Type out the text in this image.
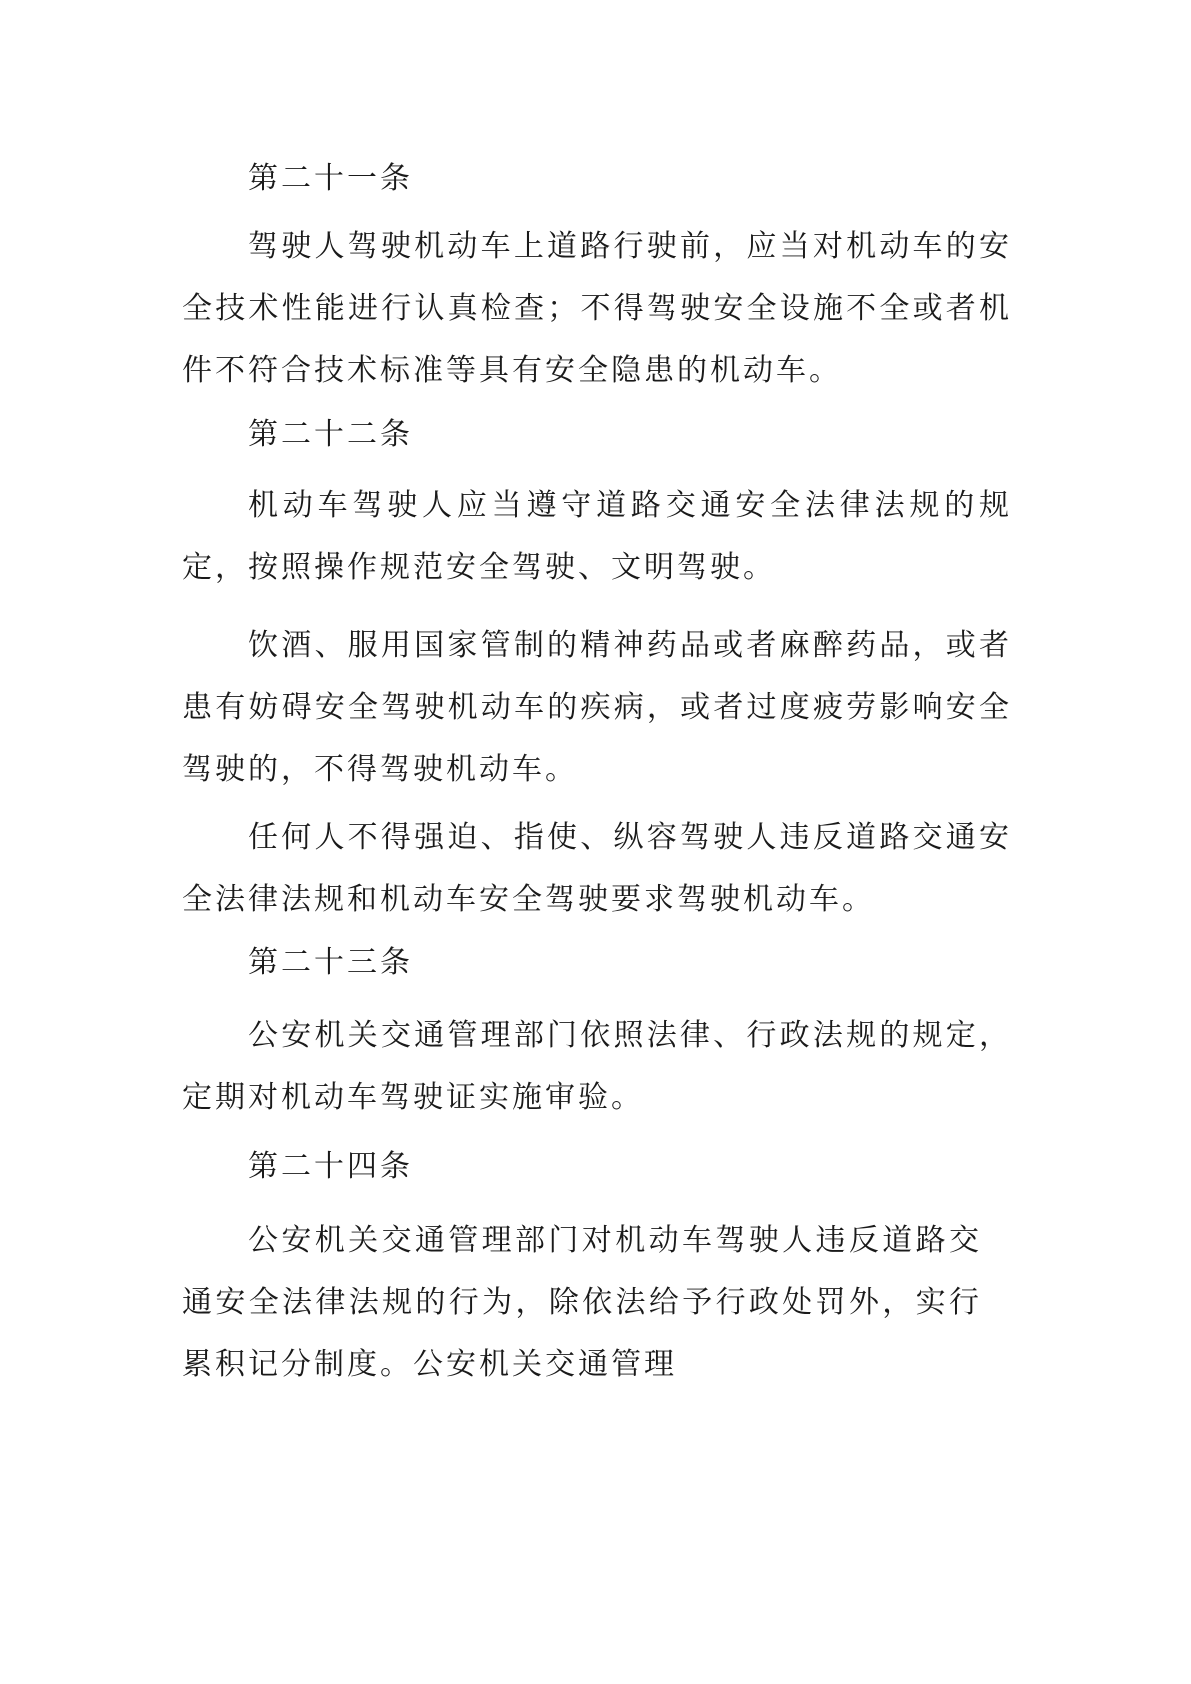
第二十一条

驾驶人驾驶机动车上道路行驶前，应当对机动车的安全技术性能进行认真检查；不得驾驶安全设施不全或者机件不符合技术标准等具有安全隐患的机动车。

第二十二条

机动车驾驶人应当遵守道路交通安全法律法规的规定，按照操作规范安全驾驶、文明驾驶。

饮酒、服用国家管制的精神药品或者麻醉药品，或者患有妨碍安全驾驶机动车的疾病，或者过度疲劳影响安全驾驶的，不得驾驶机动车。

任何人不得强迫、指使、纵容驾驶人违反道路交通安全法律法规和机动车安全驾驶要求驾驶机动车。

第二十三条

公安机关交通管理部门依照法律、行政法规的规定，定期对机动车驾驶证实施审验。

第二十四条

公安机关交通管理部门对机动车驾驶人违反道路交通安全法律法规的行为，除依法给予行政处罚外，实行累积记分制度。公安机关交通管理
